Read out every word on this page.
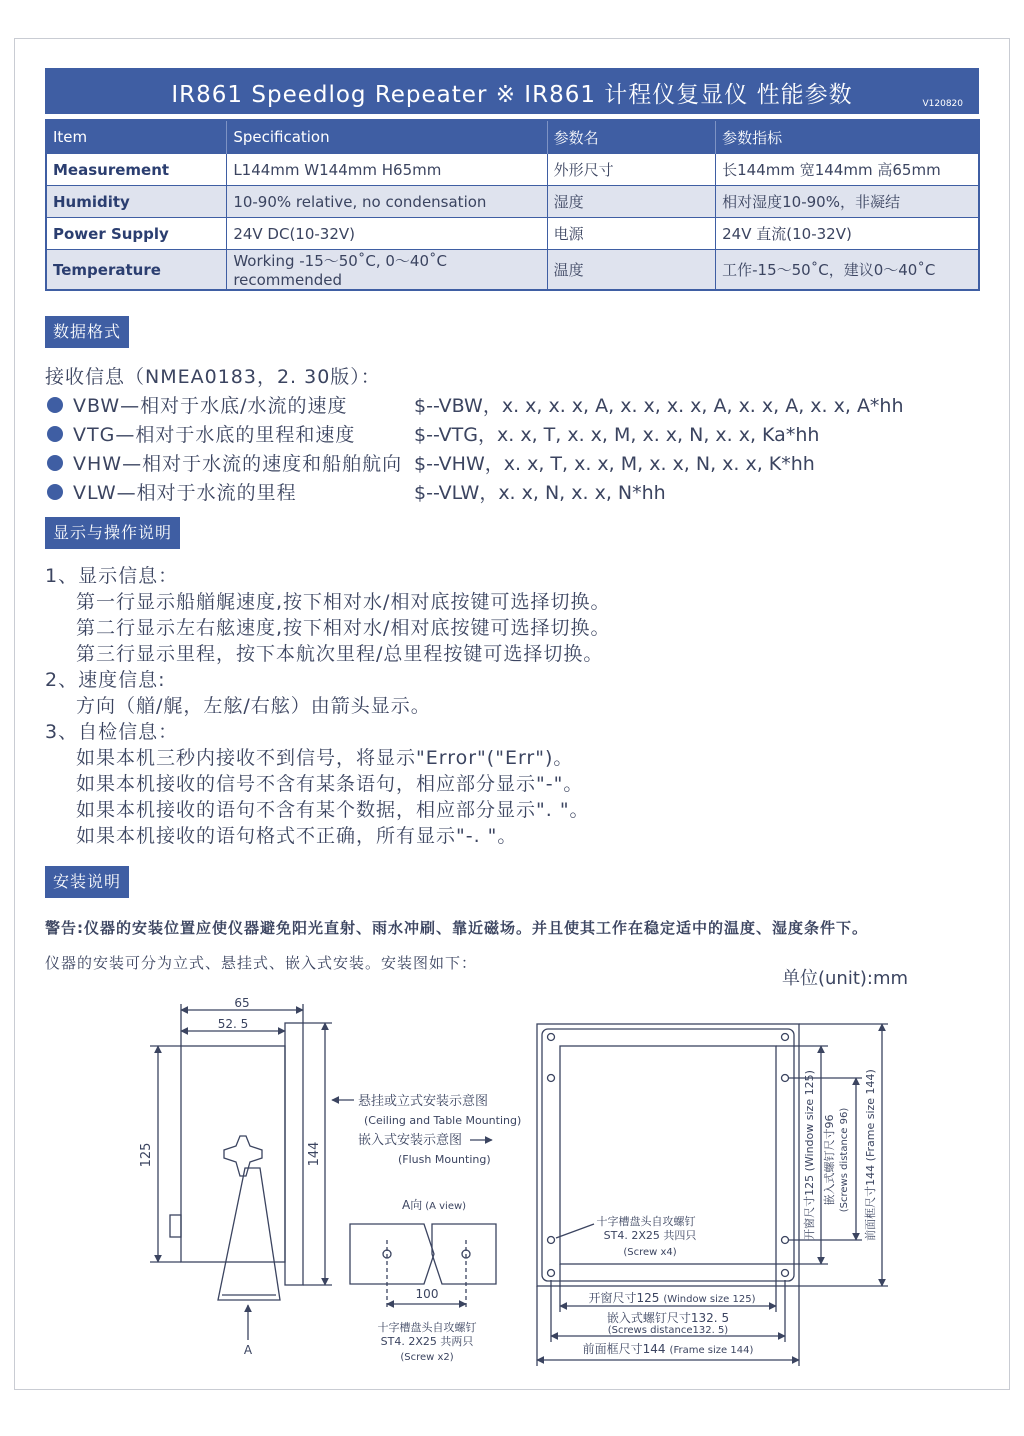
IR861 Speedlog Repeater ※ IR861 计程仪复显仪 性能参数	V120820
Item	Specification	参数名	参数指标
Measurement	L144mm W144mm H65mm	外形尺寸	长144mm 宽144mm 高65mm
Humidity	10-90% relative, no condensation	湿度	相对湿度10-90%，非凝结
Power Supply	24V DC(10-32V)	电源	24V 直流(10-32V)
Temperature	Working -15～50˚C, 0～40˚C recommended	温度	工作-15～50˚C，建议0～40˚C
数据格式
接收信息（NMEA0183，2. 30版）：
VBW—相对于水底/水流的速度	$--VBW，x. x, x. x, A, x. x, x. x, A, x. x, A, x. x, A*hh
VTG—相对于水底的里程和速度	$--VTG，x. x, T, x. x, M, x. x, N, x. x, Ka*hh
VHW—相对于水流的速度和船舶航向 $--VHW，x. x, T, x. x, M, x. x, N, x. x, K*hh
VLW—相对于水流的里程	$--VLW，x. x, N, x. x, N*hh
显示与操作说明
1、显示信息：
第一行显示船艏艉速度,按下相对水/相对底按键可选择切换。
第二行显示左右舷速度,按下相对水/相对底按键可选择切换。
第三行显示里程，按下本航次里程/总里程按键可选择切换。
2、速度信息:
方向（艏/艉，左舷/右舷）由箭头显示。
3、自检信息：
如果本机三秒内接收不到信号，将显示"Error"("Err")。
如果本机接收的信号不含有某条语句，相应部分显示"-"。
如果本机接收的语句不含有某个数据，相应部分显示". "。
如果本机接收的语句格式不正确，所有显示"-. "。
安装说明
警告:仪器的安装位置应使仪器避免阳光直射、雨水冲刷、靠近磁场。并且使其工作在稳定适中的温度、湿度条件下。
仪器的安装可分为立式、悬挂式、嵌入式安装。安装图如下：
单位(unit):mm
65
52. 5
125	144
A
悬挂或立式安装示意图
(Ceiling and Table Mounting)
嵌入式安装示意图
(Flush Mounting)
A向 (A view)
100
十字槽盘头自攻螺钉
ST4. 2X25 共两只
(Screw x2)
十字槽盘头自攻螺钉
ST4. 2X25 共四只
(Screw x4)
开窗尺寸125 (Window size 125)
嵌入式螺钉尺寸132. 5
(Screws distance132. 5)
前面框尺寸144 (Frame size 144)
开窗尺寸125 (Window size 125) 嵌入式螺钉尺寸96 (Screws distance 96) 前面框尺寸144 (Frame size 144)
